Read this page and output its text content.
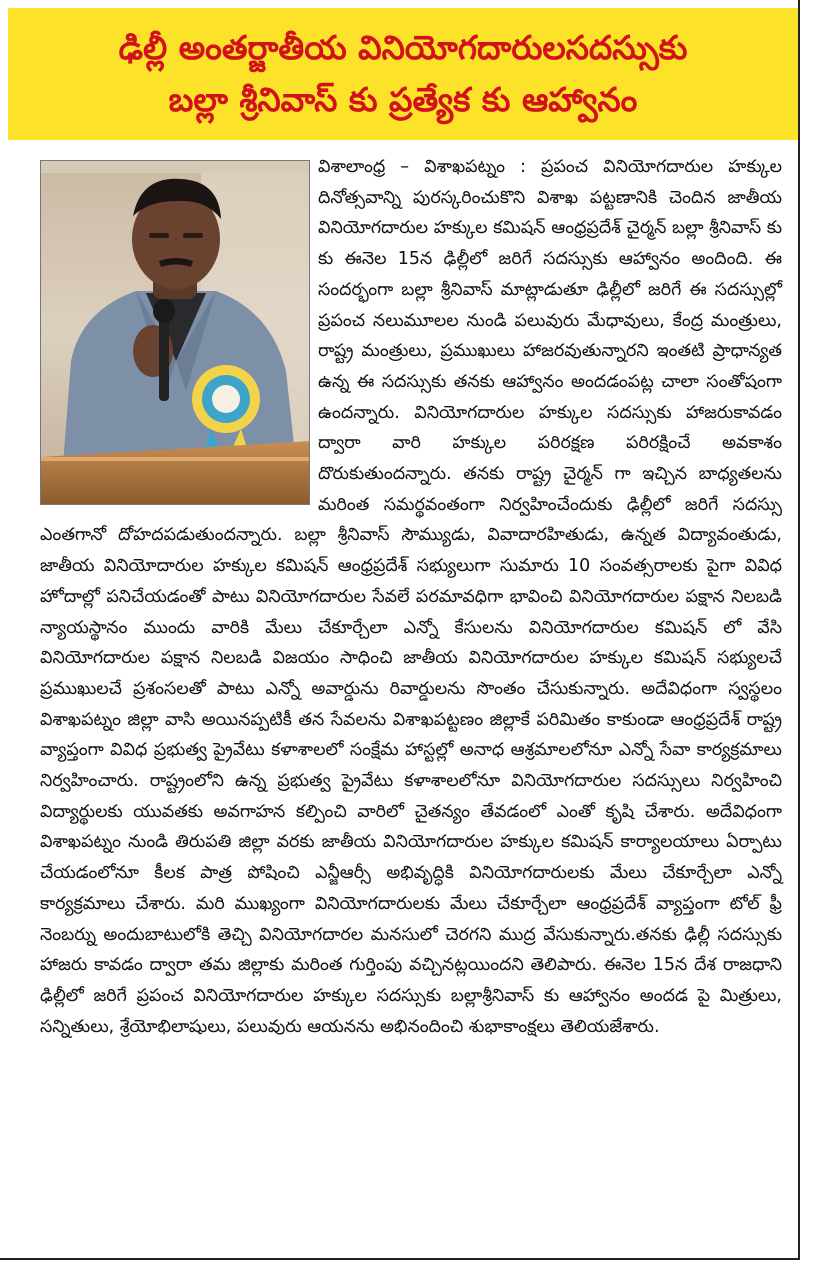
ఢిల్లీ అంతర్జాతీయ వినియోగదారులసదస్సుకు
బల్లా శ్రీనివాస్ కు ప్రత్యేక కు ఆహ్వానం

విశాలాంధ్ర – విశాఖపట్నం : ప్రపంచ వినియోగదారుల హక్కుల దినోత్సవాన్ని పురస్కరించుకొని విశాఖ పట్టణానికి చెందిన జాతీయ వినియోగదారుల హక్కుల కమిషన్ ఆంధ్రప్రదేశ్ చైర్మన్ బల్లా శ్రీనివాస్ కు కు ఈనెల 15న ఢిల్లీలో జరిగే సదస్సుకు ఆహ్వానం అందింది. ఈ సందర్భంగా బల్లా శ్రీనివాస్ మాట్లాడుతూ ఢిల్లీలో జరిగే ఈ సదస్సుల్లో ప్రపంచ నలుమూలల నుండి పలువురు మేధావులు, కేంద్ర మంత్రులు, రాష్ట్ర మంత్రులు, ప్రముఖులు హాజరవుతున్నారని ఇంతటి ప్రాధాన్యత ఉన్న ఈ సదస్సుకు తనకు ఆహ్వానం అందడంపట్ల చాలా సంతోషంగా ఉందన్నారు. వినియోగదారుల హక్కుల సదస్సుకు హాజరుకావడం ద్వారా వారి హక్కుల పరిరక్షణ పరిరక్షించే అవకాశం దొరుకుతుందన్నారు. తనకు రాష్ట్ర చైర్మన్ గా ఇచ్చిన బాధ్యతలను మరింత సమర్థవంతంగా నిర్వహించేందుకు ఢిల్లీలో జరిగే సదస్సు ఎంతగానో దోహదపడుతుందన్నారు. బల్లా శ్రీనివాస్ సౌమ్యుడు, వివాదారహితుడు, ఉన్నత విద్యావంతుడు, జాతీయ వినియోదారుల హక్కుల కమిషన్ ఆంధ్రప్రదేశ్ సభ్యులుగా సుమారు 10 సంవత్సరాలకు పైగా వివిధ హోదాల్లో పనిచేయడంతో పాటు వినియోగదారుల సేవలే పరమావధిగా భావించి వినియోగదారుల పక్షాన నిలబడి న్యాయస్థానం ముందు వారికి మేలు చేకూర్చేలా ఎన్నో కేసులను వినియోగదారుల కమిషన్ లో వేసి వినియోగదారుల పక్షాన నిలబడి విజయం సాధించి జాతీయ వినియోగదారుల హక్కుల కమిషన్ సభ్యులచే ప్రముఖులచే ప్రశంసలతో పాటు ఎన్నో అవార్డును రివార్డులను సొంతం చేసుకున్నారు. అదేవిధంగా స్వస్థలం విశాఖపట్నం జిల్లా వాసి అయినప్పటికీ తన సేవలను విశాఖపట్టణం జిల్లాకే పరిమితం కాకుండా ఆంధ్రప్రదేశ్ రాష్ట్ర వ్యాప్తంగా వివిధ ప్రభుత్వ ప్రైవేటు కళాశాలలో సంక్షేమ హాస్టల్లో అనాధ ఆశ్రమాలలోనూ ఎన్నో సేవా కార్యక్రమాలు నిర్వహించారు. రాష్ట్రంలోని ఉన్న ప్రభుత్వ ప్రైవేటు కళాశాలలోనూ వినియోగదారుల సదస్సులు నిర్వహించి విద్యార్థులకు యువతకు అవగాహన కల్పించి వారిలో చైతన్యం తేవడంలో ఎంతో కృషి చేశారు. అదేవిధంగా విశాఖపట్నం నుండి తిరుపతి జిల్లా వరకు జాతీయ వినియోగదారుల హక్కుల కమిషన్ కార్యాలయాలు ఏర్పాటు చేయడంలోనూ కీలక పాత్ర పోషించి ఎన్జీఆర్సీ అభివృద్ధికి వినియోగదారులకు మేలు చేకూర్చేలా ఎన్నో కార్యక్రమాలు చేశారు. మరి ముఖ్యంగా వినియోగదారులకు మేలు చేకూర్చేలా ఆంధ్రప్రదేశ్ వ్యాప్తంగా టోల్ ఫ్రీ నెంబర్ను అందుబాటులోకి తెచ్చి వినియోగదారల మనసులో చెరగని ముద్ర వేసుకున్నారు.తనకు ఢిల్లీ సదస్సుకు హాజరు కావడం ద్వారా తమ జిల్లాకు మరింత గుర్తింపు వచ్చినట్లయిందని తెలిపారు. ఈనెల 15న దేశ రాజధాని ఢిల్లీలో జరిగే ప్రపంచ వినియోగదారుల హక్కుల సదస్సుకు బల్లాశ్రీనివాస్ కు ఆహ్వానం అందడ పై మిత్రులు, సన్నితులు, శ్రేయోభిలాషులు, పలువురు ఆయనను అభినందించి శుభాకాంక్షలు తెలియజేశారు.
